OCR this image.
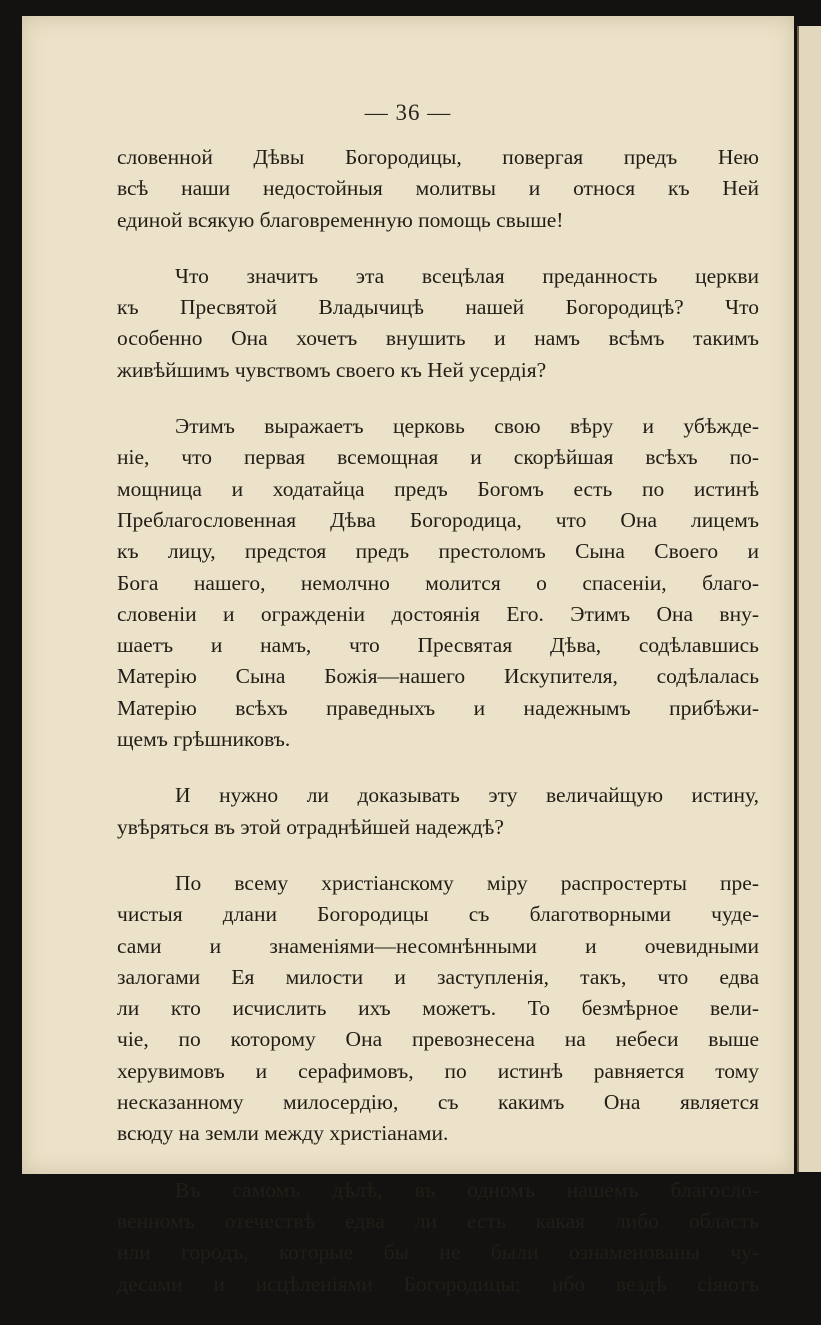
— 36 —

словенной Дѣвы Богородицы, повергая предъ Нею
всѣ наши недостойныя молитвы и относя къ Ней
единой всякую благовременную помощь свыше!

Что значитъ эта всецѣлая преданность церкви
къ Пресвятой Владычицѣ нашей Богородицѣ? Что
особенно Она хочетъ внушить и намъ всѣмъ такимъ
живѣйшимъ чувствомъ своего къ Ней усердія?

Этимъ выражаетъ церковь свою вѣру и убѣжде-
ніе, что первая всемощная и скорѣйшая всѣхъ по-
мощница и ходатайца предъ Богомъ есть по истинѣ
Преблагословенная Дѣва Богородица, что Она лицемъ
къ лицу, предстоя предъ престоломъ Сына Своего и
Бога нашего, немолчно молится о спасеніи, благо-
словеніи и огражденіи достоянія Его. Этимъ Она вну-
шаетъ и намъ, что Пресвятая Дѣва, содѣлавшись
Матерію Сына Божія—нашего Искупителя, содѣлалась
Матерію всѣхъ праведныхъ и надежнымъ прибѣжи-
щемъ грѣшниковъ.

И нужно ли доказывать эту величайщую истину,
увѣряться въ этой отраднѣйшей надеждѣ?

По всему христіанскому міру распростерты пре-
чистыя длани Богородицы съ благотворными чуде-
сами и знаменіями—несомнѣнными и очевидными
залогами Ея милости и заступленія, такъ, что едва
ли кто исчислить ихъ можетъ. То безмѣрное вели-
чіе, по которому Она превознесена на небеси выше
херувимовъ и серафимовъ, по истинѣ равняется тому
несказанному милосердію, съ какимъ Она является
всюду на земли между христіанами.

Въ самомъ дѣлѣ, въ одномъ нашемъ благосло-
венномъ отечествѣ едва ли есть какая либо область
или городъ, которые бы не были ознаменованы чу-
десами и исцѣленіями Богородицы; ибо вездѣ сіяютъ
